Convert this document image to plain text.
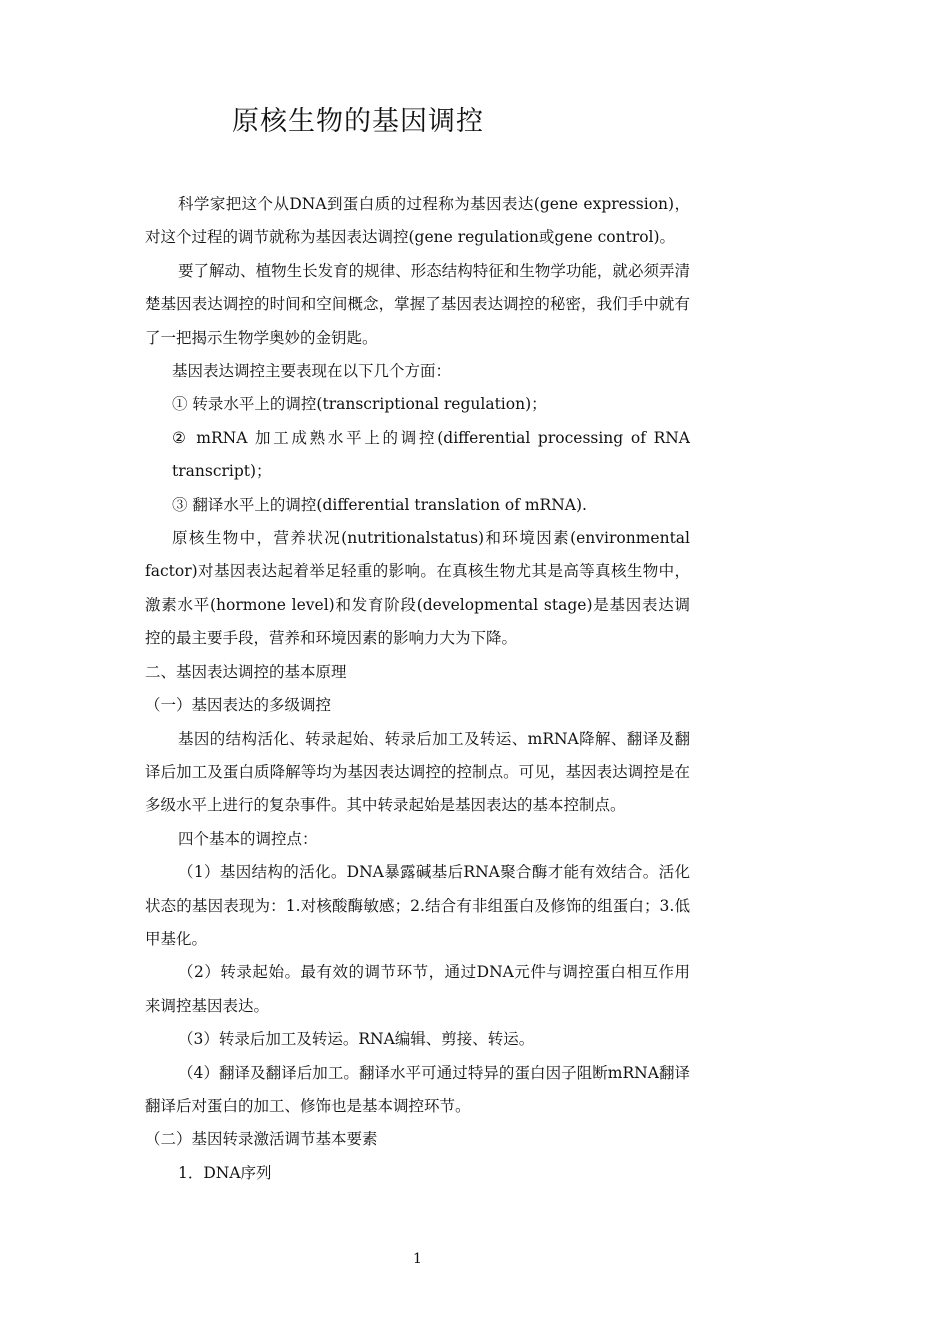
原核生物的基因调控

科学家把这个从DNA到蛋白质的过程称为基因表达(gene expression)，对这个过程的调节就称为基因表达调控(gene regulation或gene control)。

要了解动、植物生长发育的规律、形态结构特征和生物学功能，就必须弄清楚基因表达调控的时间和空间概念，掌握了基因表达调控的秘密，我们手中就有了一把揭示生物学奥妙的金钥匙。

基因表达调控主要表现在以下几个方面：

① 转录水平上的调控(transcriptional regulation)；

② mRNA 加工成熟水平上的调控(differential processing of RNA transcript)；

③ 翻译水平上的调控(differential translation of mRNA).

原核生物中，营养状况(nutritionalstatus)和环境因素(environmental factor)对基因表达起着举足轻重的影响。在真核生物尤其是高等真核生物中，激素水平(hormone level)和发育阶段(developmental stage)是基因表达调控的最主要手段，营养和环境因素的影响力大为下降。

二、基因表达调控的基本原理

（一）基因表达的多级调控

基因的结构活化、转录起始、转录后加工及转运、mRNA降解、翻译及翻译后加工及蛋白质降解等均为基因表达调控的控制点。可见，基因表达调控是在多级水平上进行的复杂事件。其中转录起始是基因表达的基本控制点。

四个基本的调控点：

（1）基因结构的活化。DNA暴露碱基后RNA聚合酶才能有效结合。活化状态的基因表现为：1.对核酸酶敏感；2.结合有非组蛋白及修饰的组蛋白；3.低甲基化。

（2）转录起始。最有效的调节环节，通过DNA元件与调控蛋白相互作用来调控基因表达。

（3）转录后加工及转运。RNA编辑、剪接、转运。

（4）翻译及翻译后加工。翻译水平可通过特异的蛋白因子阻断mRNA翻译翻译后对蛋白的加工、修饰也是基本调控环节。

（二）基因转录激活调节基本要素

1．DNA序列

1
